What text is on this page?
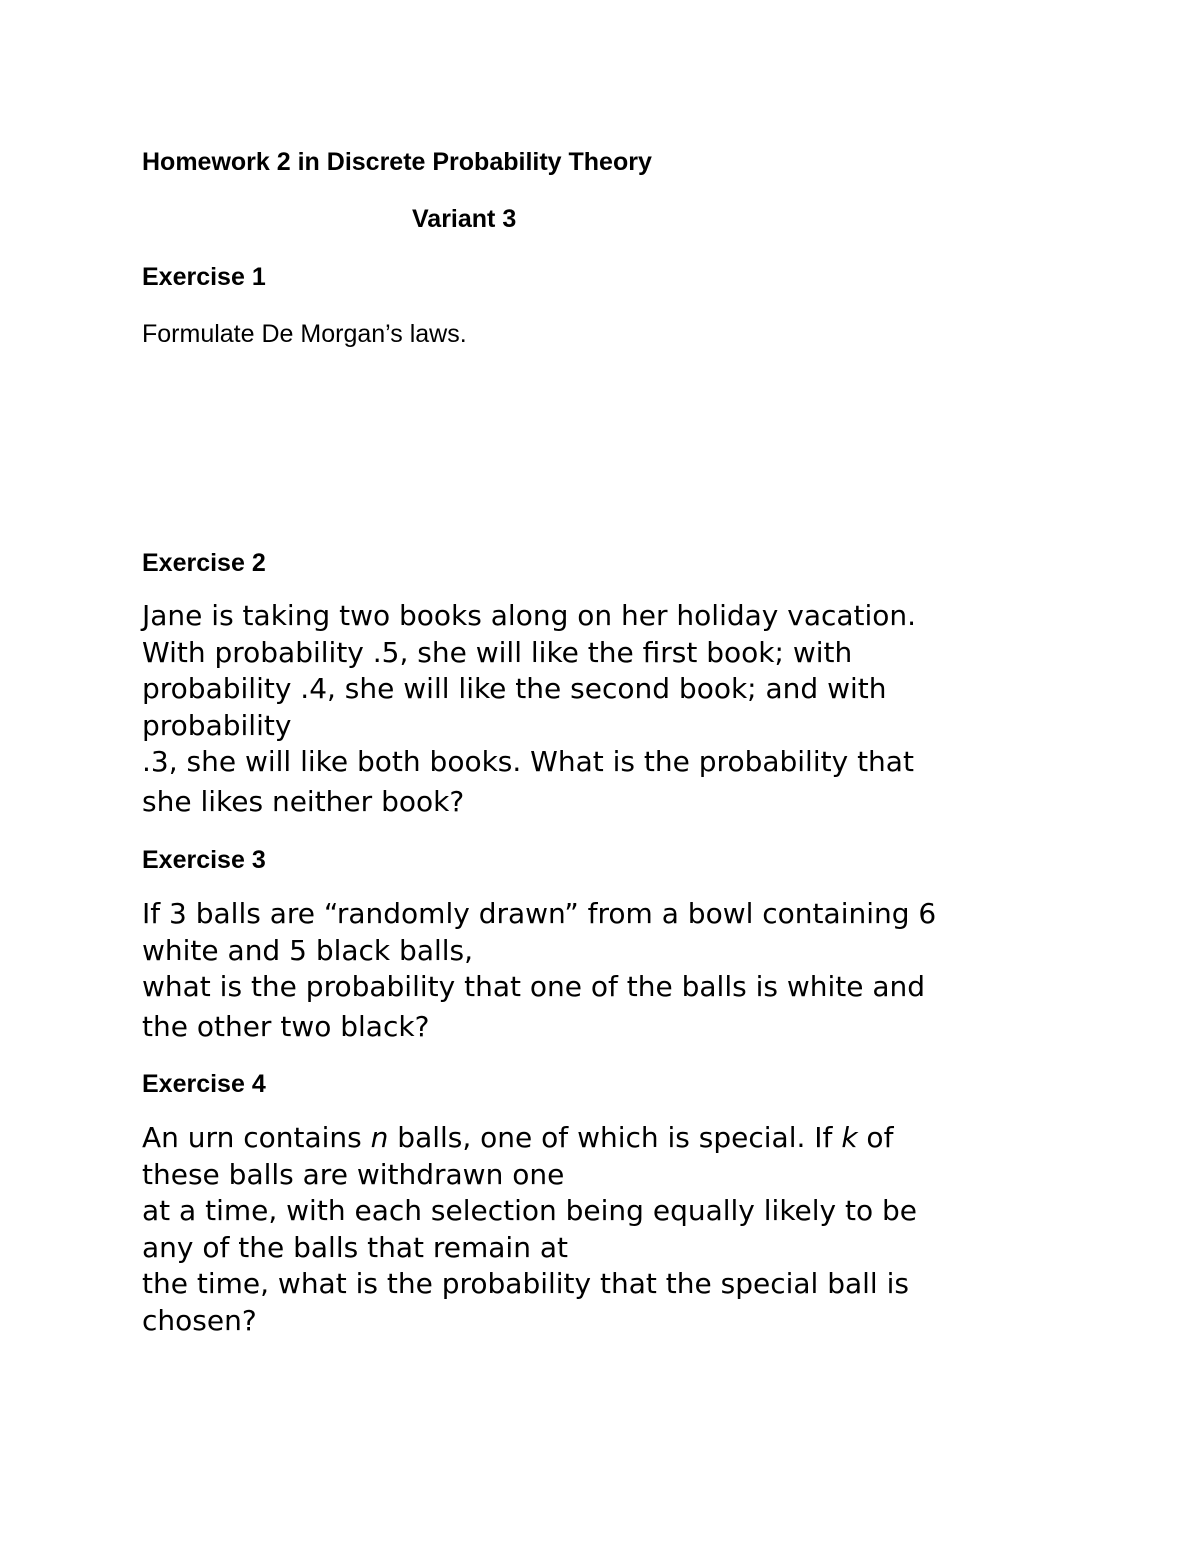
Homework 2 in Discrete Probability Theory
Variant 3
Exercise 1

Formulate De Morgan’s laws.

Exercise 2
Jane is taking two books along on her holiday vacation.
With probability .5, she will like the first book; with
probability .4, she will like the second book; and with
probability
.3, she will like both books. What is the probability that
she likes neither book?
Exercise 3
If 3 balls are “randomly drawn” from a bowl containing 6
white and 5 black balls,
what is the probability that one of the balls is white and
the other two black?
Exercise 4
An urn contains n balls, one of which is special. If k of
these balls are withdrawn one
at a time, with each selection being equally likely to be
any of the balls that remain at
the time, what is the probability that the special ball is
chosen?
